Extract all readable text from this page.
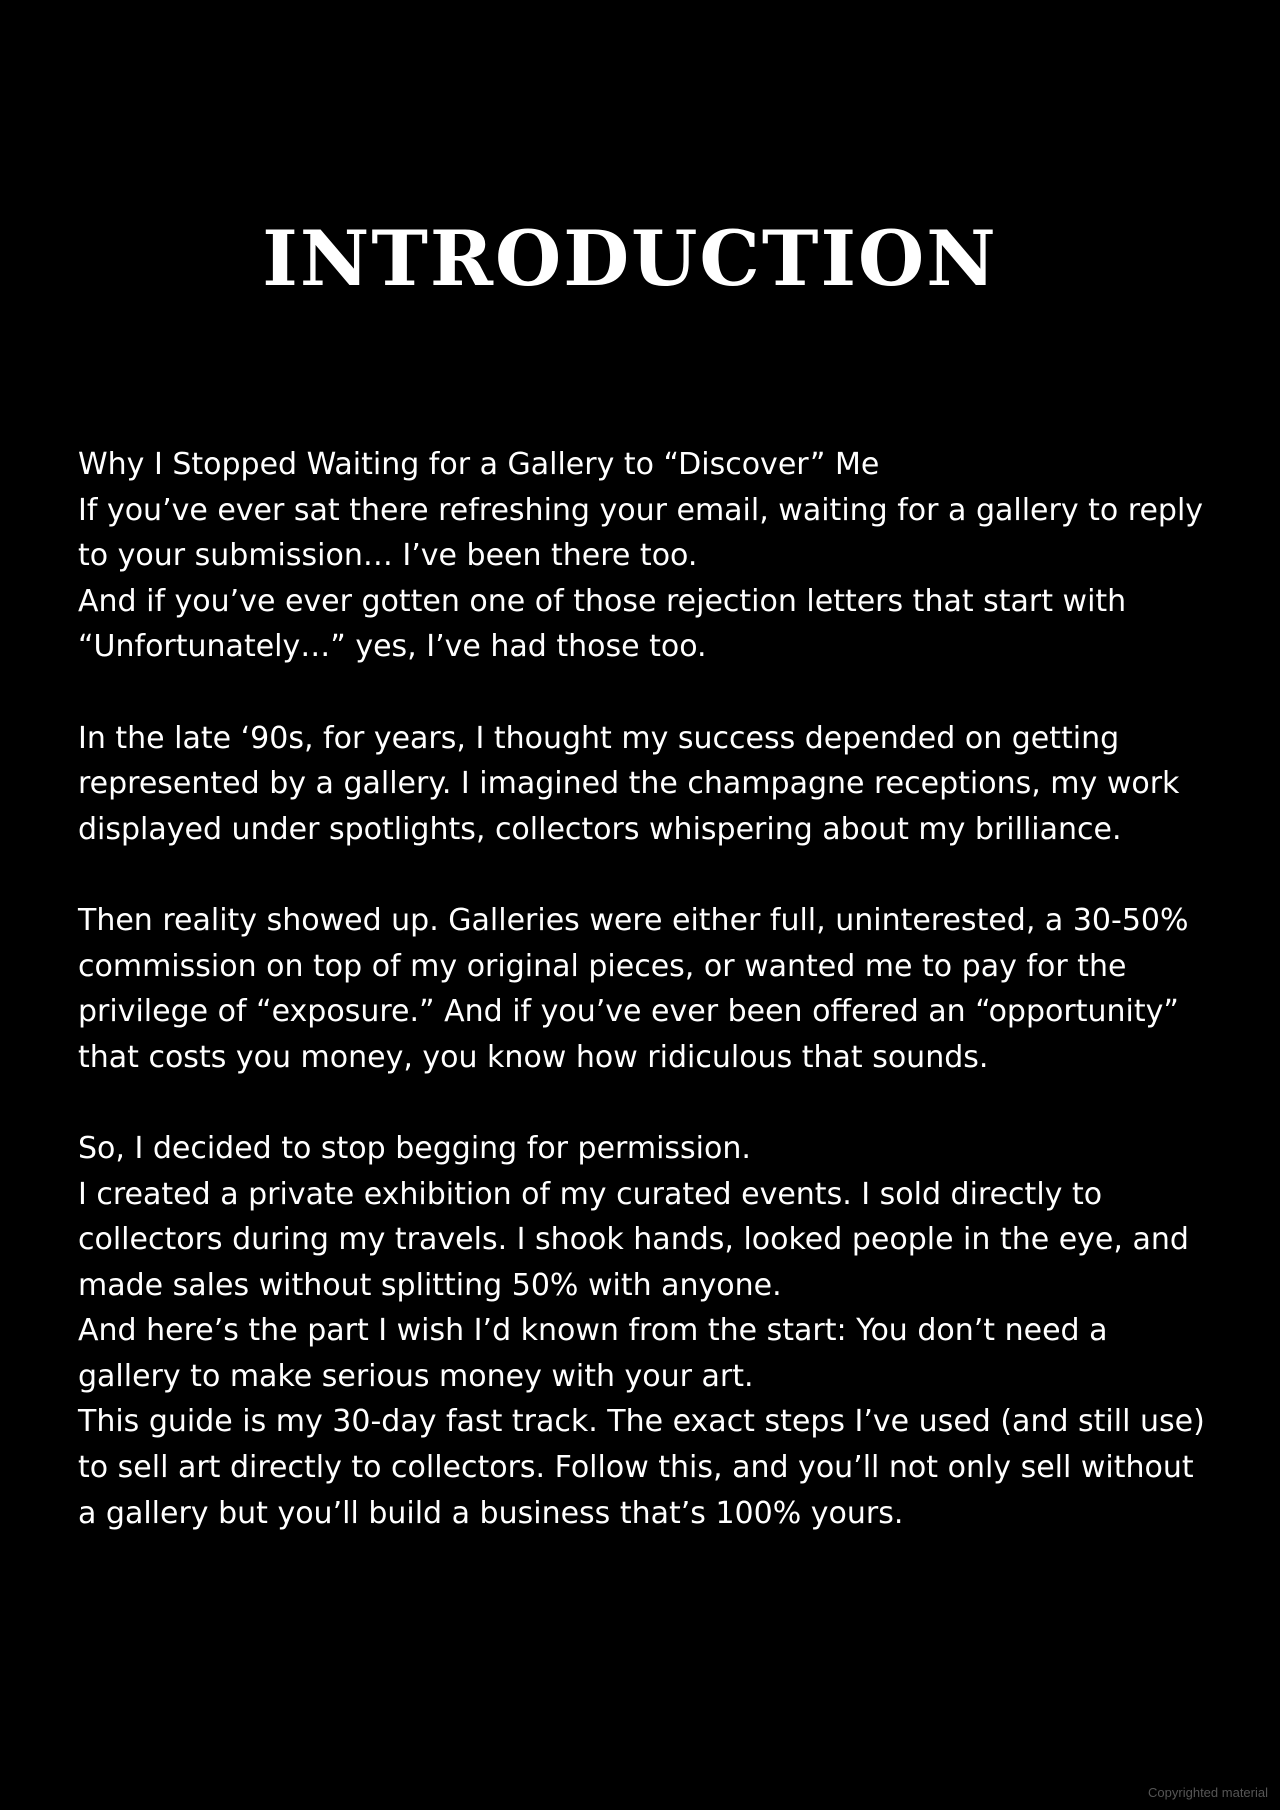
INTRODUCTION

Why I Stopped Waiting for a Gallery to “Discover” Me

If you’ve ever sat there refreshing your email, waiting for a gallery to reply to your submission… I’ve been there too.

And if you’ve ever gotten one of those rejection letters that start with “Unfortunately…” yes, I’ve had those too.

In the late ‘90s, for years, I thought my success depended on getting represented by a gallery. I imagined the champagne receptions, my work displayed under spotlights, collectors whispering about my brilliance.

Then reality showed up. Galleries were either full, uninterested, a 30-50% commission on top of my original pieces, or wanted me to pay for the privilege of “exposure.” And if you’ve ever been offered an “opportunity” that costs you money, you know how ridiculous that sounds.

So, I decided to stop begging for permission.

I created a private exhibition of my curated events. I sold directly to collectors during my travels. I shook hands, looked people in the eye, and made sales without splitting 50% with anyone.

And here’s the part I wish I’d known from the start: You don’t need a gallery to make serious money with your art.

This guide is my 30-day fast track. The exact steps I’ve used (and still use) to sell art directly to collectors. Follow this, and you’ll not only sell without a gallery but you’ll build a business that’s 100% yours.

Copyrighted material
